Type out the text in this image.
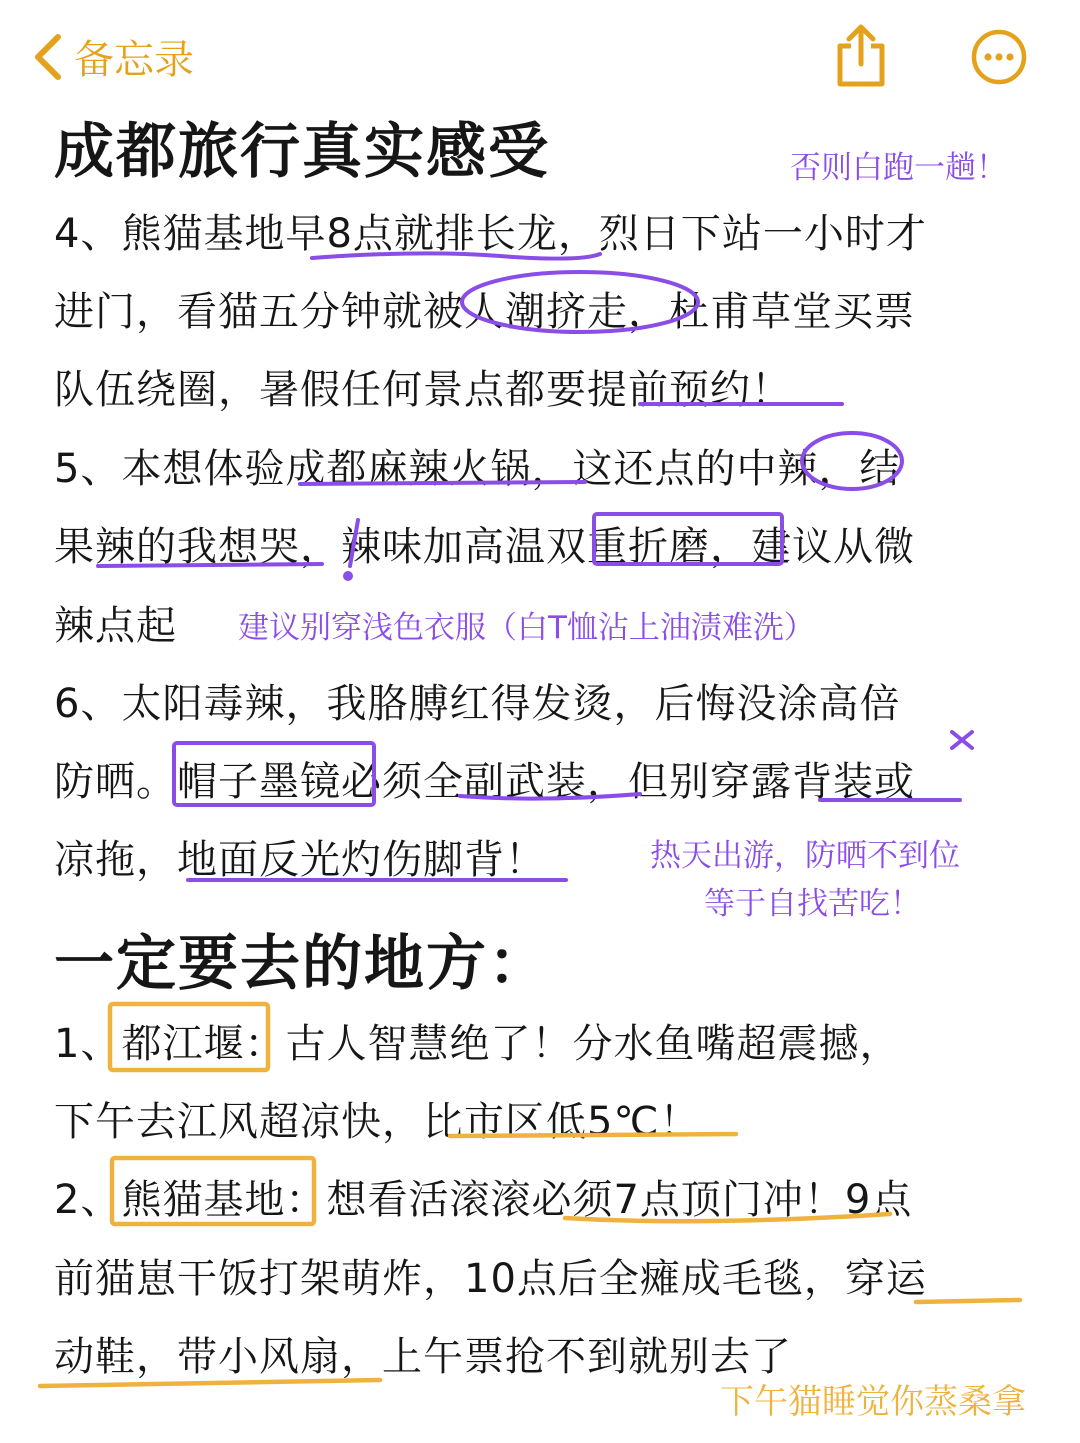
备忘录
成都旅行真实感受	否则白跑一趟！
4、熊猫基地早8点就排长龙，烈日下站一小时才
进门，看猫五分钟就被人潮挤走，杜甫草堂买票
队伍绕圈，暑假任何景点都要提前预约！
5、本想体验成都麻辣火锅，这还点的中辣，结
果辣的我想哭，辣味加高温双重折磨，建议从微
辣点起 建议别穿浅色衣服（白T恤沾上油渍难洗）
6、太阳毒辣，我胳膊红得发烫，后悔没涂高倍
防晒。帽子墨镜必须全副武装，但别穿露背装或
凉拖，地面反光灼伤脚背！	热天出游，防晒不到位
等于自找苦吃！
一定要去的地方：
1、都江堰：古人智慧绝了！分水鱼嘴超震撼，
下午去江风超凉快，比市区低5℃！
2、熊猫基地：想看活滚滚必须7点顶门冲！9点
前猫崽干饭打架萌炸，10点后全瘫成毛毯，穿运
动鞋，带小风扇，上午票抢不到就别去了
下午猫睡觉你蒸桑拿
